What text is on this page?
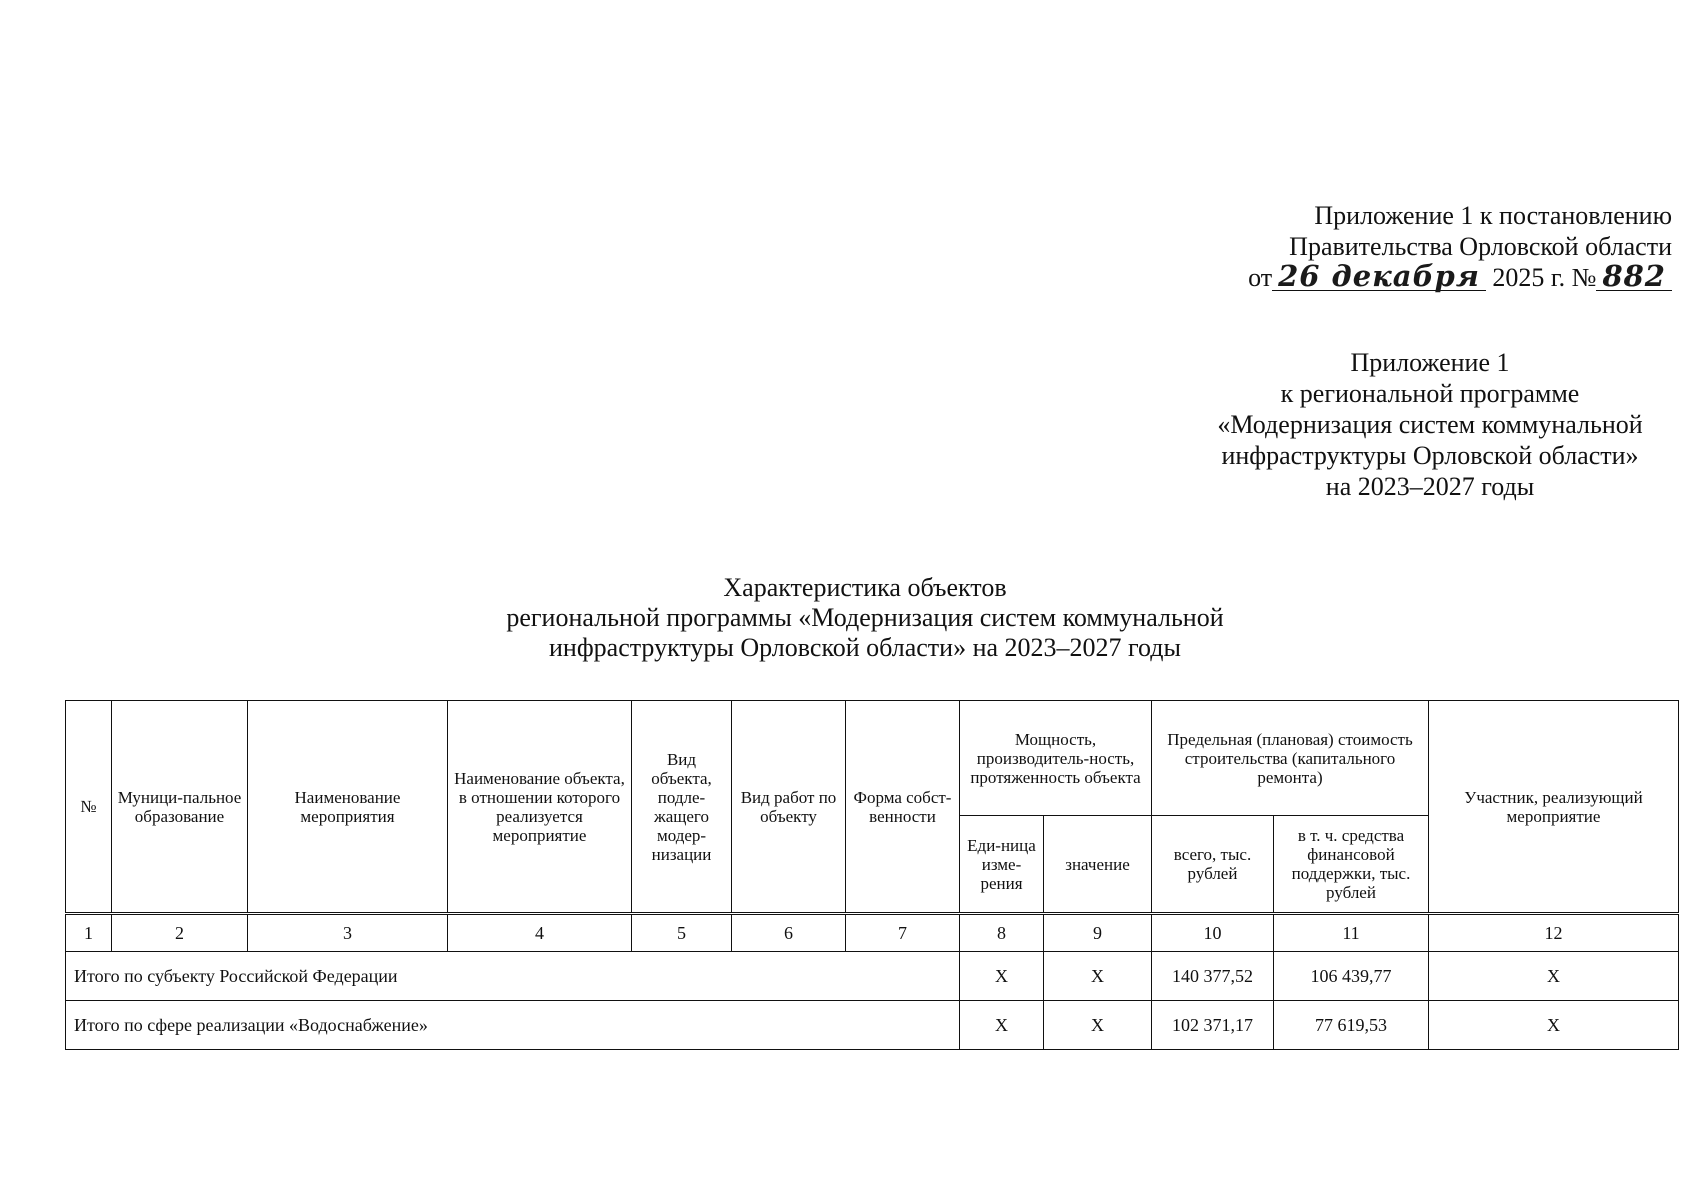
Приложение 1 к постановлению
Правительства Орловской области
от 26 декабря 2025 г. № 882
Приложение 1
к региональной программе
«Модернизация систем коммунальной
инфраструктуры Орловской области»
на 2023–2027 годы
Характеристика объектов
региональной программы «Модернизация систем коммунальной
инфраструктуры Орловской области» на 2023–2027 годы
№	Муници-пальное образование	Наименование мероприятия	Наименование объекта, в отношении которого реализуется мероприятие	Вид объекта, подле-жащего модер-низации	Вид работ по объекту	Форма собст-венности	Мощность, производитель-ность, протяженность объекта		Предельная (плановая) стоимость строительства (капитального ремонта)		Участник, реализующий мероприятие
							Еди-ница изме-рения	значение	всего, тыс. рублей	в т. ч. средства финансовой поддержки, тыс. рублей	
1	2	3	4	5	6	7	8	9	10	11	12
Итого по субъекту Российской Федерации							X	X	140 377,52	106 439,77	X
Итого по сфере реализации «Водоснабжение»							X	X	102 371,17	77 619,53	X
